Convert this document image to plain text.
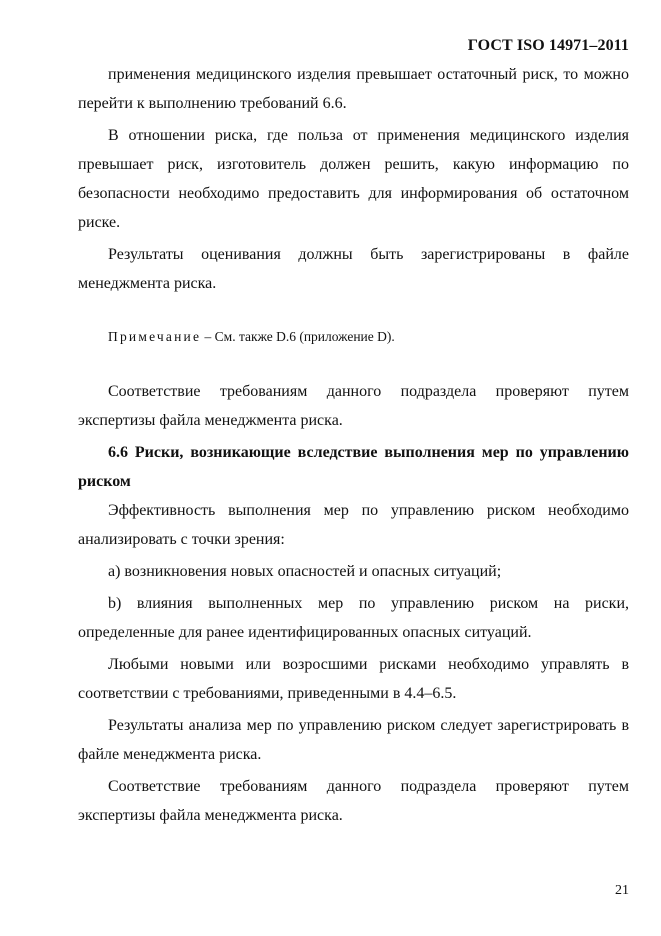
ГОСТ ISO 14971–2011

применения медицинского изделия превышает остаточный риск, то можно перейти к выполнению требований 6.6.

В отношении риска, где польза от применения медицинского изделия превышает риск, изготовитель должен решить, какую информацию по безопасности необходимо предоставить для информирования об остаточном риске.

Результаты оценивания должны быть зарегистрированы в файле менеджмента риска.

Примечание – См. также D.6 (приложение D).

Соответствие требованиям данного подраздела проверяют путем экспертизы файла менеджмента риска.

6.6 Риски, возникающие вследствие выполнения мер по управлению риском

Эффективность выполнения мер по управлению риском необходимо анализировать с точки зрения:

а) возникновения новых опасностей и опасных ситуаций;

b) влияния выполненных мер по управлению риском на риски, определенные для ранее идентифицированных опасных ситуаций.

Любыми новыми или возросшими рисками необходимо управлять в соответствии с требованиями, приведенными в 4.4–6.5.

Результаты анализа мер по управлению риском следует зарегистрировать в файле менеджмента риска.

Соответствие требованиям данного подраздела проверяют путем экспертизы файла менеджмента риска.

21
